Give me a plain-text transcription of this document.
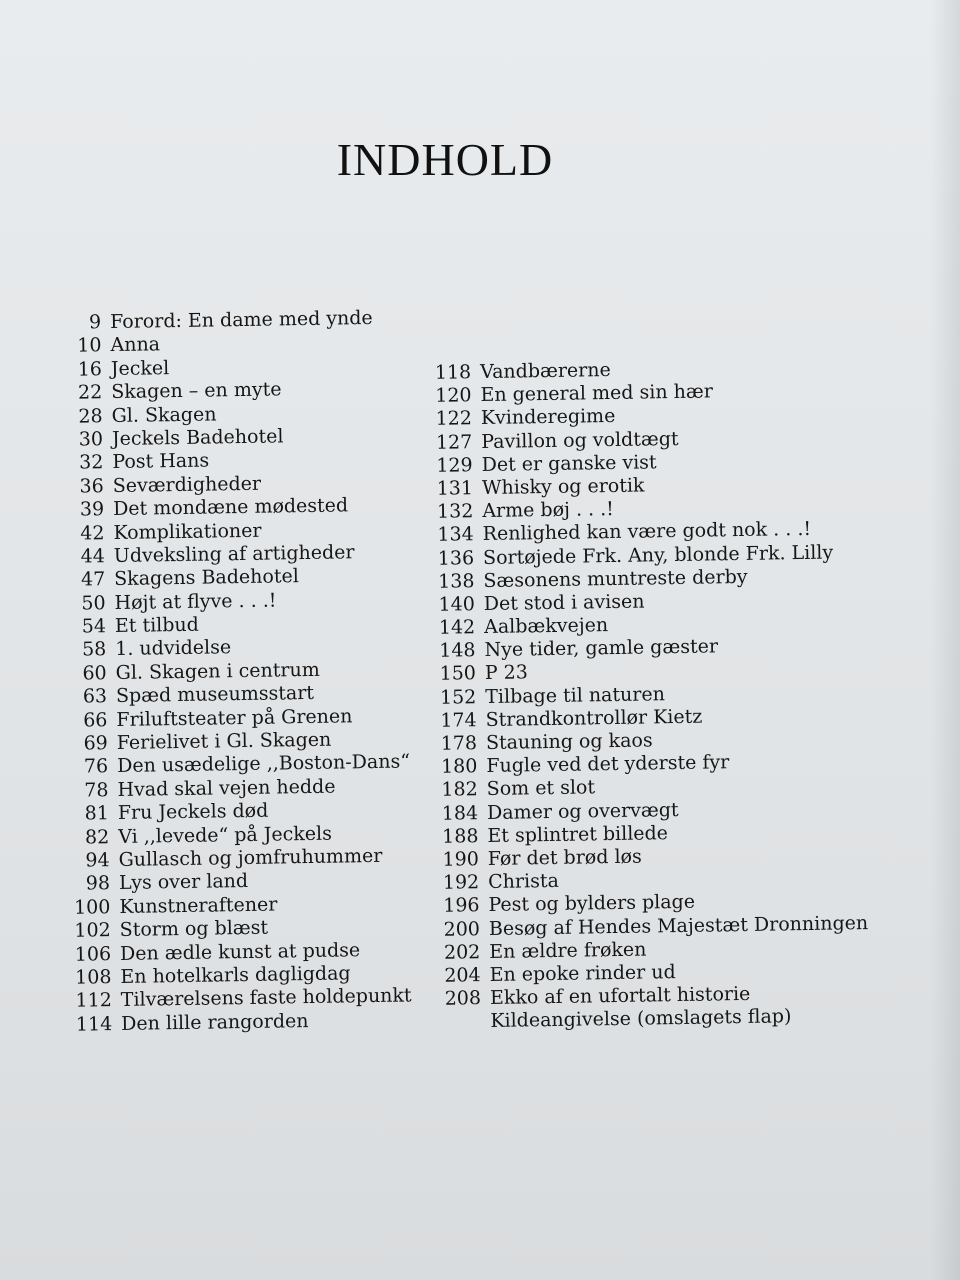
INDHOLD
9 Forord: En dame med ynde
10 Anna
16 Jeckel
22 Skagen – en myte
28 Gl. Skagen
30 Jeckels Badehotel
32 Post Hans
36 Seværdigheder
39 Det mondæne mødested
42 Komplikationer
44 Udveksling af artigheder
47 Skagens Badehotel
50 Højt at flyve . . .!
54 Et tilbud
58 1. udvidelse
60 Gl. Skagen i centrum
63 Spæd museumsstart
66 Friluftsteater på Grenen
69 Ferielivet i Gl. Skagen
76 Den usædelige ,,Boston-Dans“
78 Hvad skal vejen hedde
81 Fru Jeckels død
82 Vi ,,levede“ på Jeckels
94 Gullasch og jomfruhummer
98 Lys over land
100 Kunstneraftener
102 Storm og blæst
106 Den ædle kunst at pudse
108 En hotelkarls dagligdag
112 Tilværelsens faste holdepunkt
114 Den lille rangorden
118 Vandbærerne
120 En general med sin hær
122 Kvinderegime
127 Pavillon og voldtægt
129 Det er ganske vist
131 Whisky og erotik
132 Arme bøj . . .!
134 Renlighed kan være godt nok . . .!
136 Sortøjede Frk. Any, blonde Frk. Lilly
138 Sæsonens muntreste derby
140 Det stod i avisen
142 Aalbækvejen
148 Nye tider, gamle gæster
150 P 23
152 Tilbage til naturen
174 Strandkontrollør Kietz
178 Stauning og kaos
180 Fugle ved det yderste fyr
182 Som et slot
184 Damer og overvægt
188 Et splintret billede
190 Før det brød løs
192 Christa
196 Pest og bylders plage
200 Besøg af Hendes Majestæt Dronningen
202 En ældre frøken
204 En epoke rinder ud
208 Ekko af en ufortalt historie
Kildeangivelse (omslagets flap)
